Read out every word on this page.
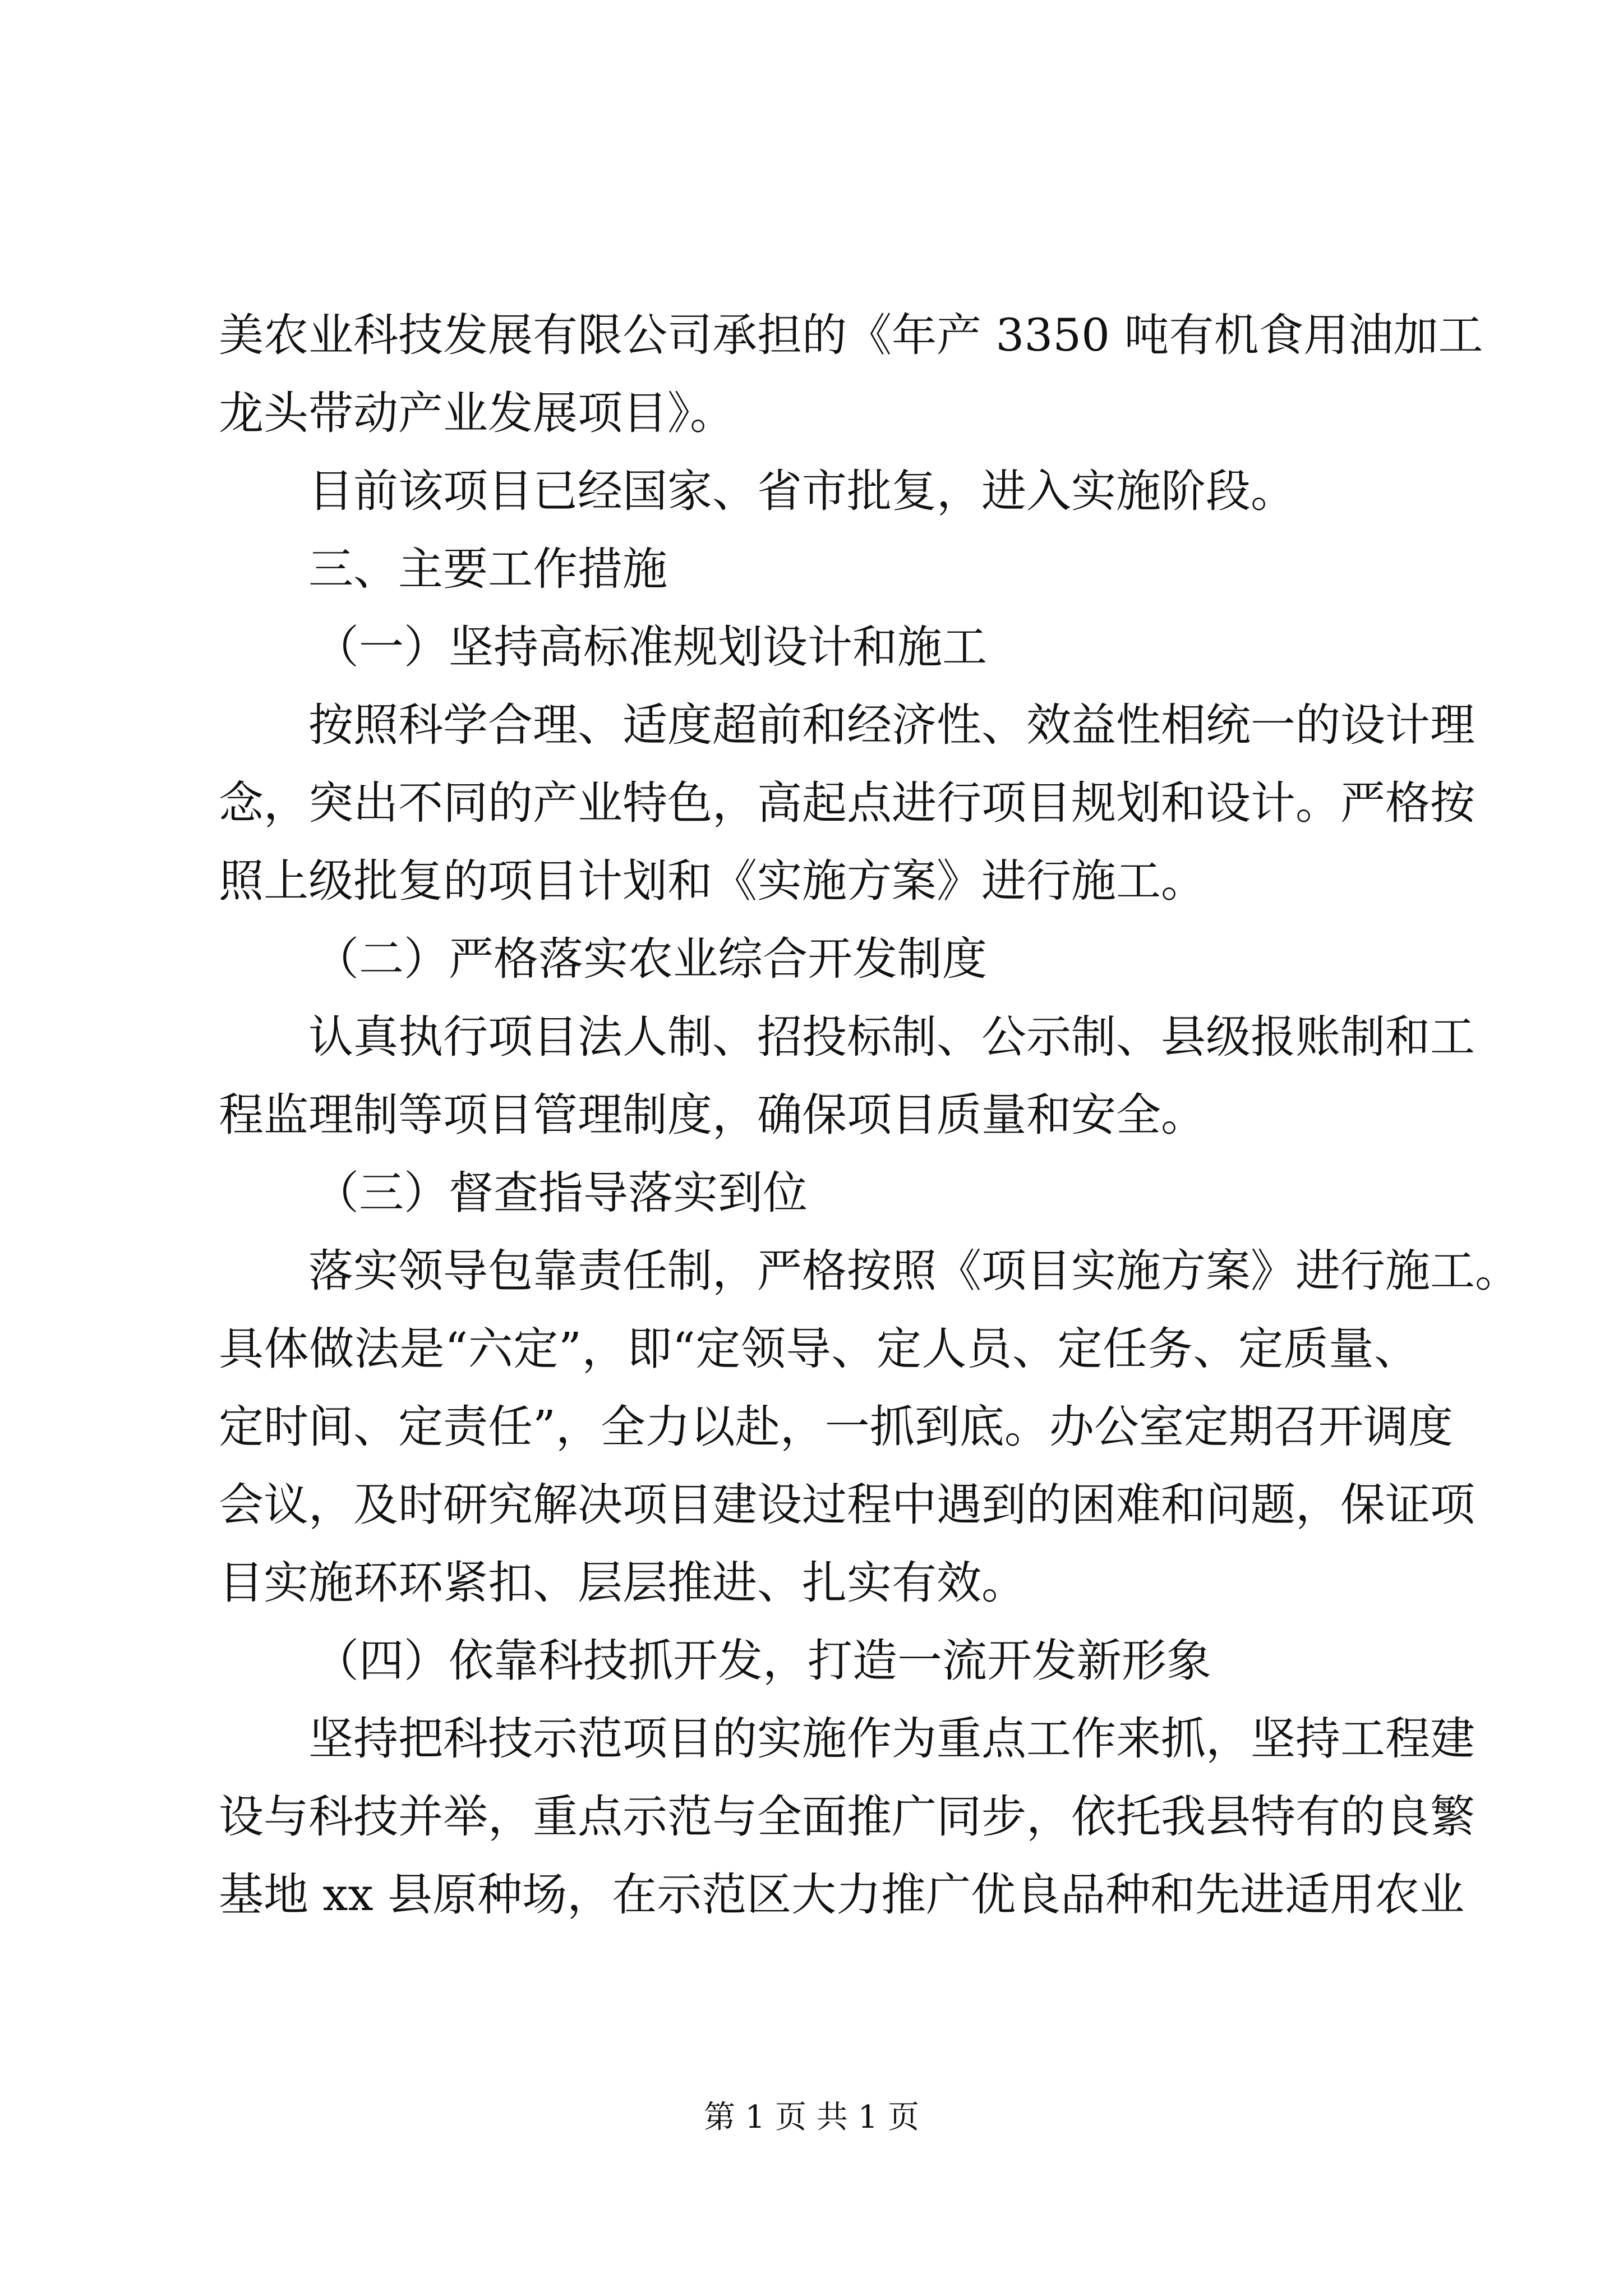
美农业科技发展有限公司承担的《年产 3350 吨有机食用油加工

龙头带动产业发展项目》。

目前该项目已经国家、省市批复，进入实施阶段。

三、主要工作措施

（一）坚持高标准规划设计和施工

按照科学合理、适度超前和经济性、效益性相统一的设计理

念，突出不同的产业特色，高起点进行项目规划和设计。严格按

照上级批复的项目计划和《实施方案》进行施工。

（二）严格落实农业综合开发制度

认真执行项目法人制、招投标制、公示制、县级报账制和工

程监理制等项目管理制度，确保项目质量和安全。

（三）督查指导落实到位

落实领导包靠责任制，严格按照《项目实施方案》进行施工。

具体做法是“六定”，即“定领导、定人员、定任务、定质量、

定时间、定责任”，全力以赴，一抓到底。办公室定期召开调度

会议，及时研究解决项目建设过程中遇到的困难和问题，保证项

目实施环环紧扣、层层推进、扎实有效。

（四）依靠科技抓开发，打造一流开发新形象

坚持把科技示范项目的实施作为重点工作来抓，坚持工程建

设与科技并举，重点示范与全面推广同步，依托我县特有的良繁

基地 xx 县原种场，在示范区大力推广优良品种和先进适用农业

第 1 页 共 1 页
